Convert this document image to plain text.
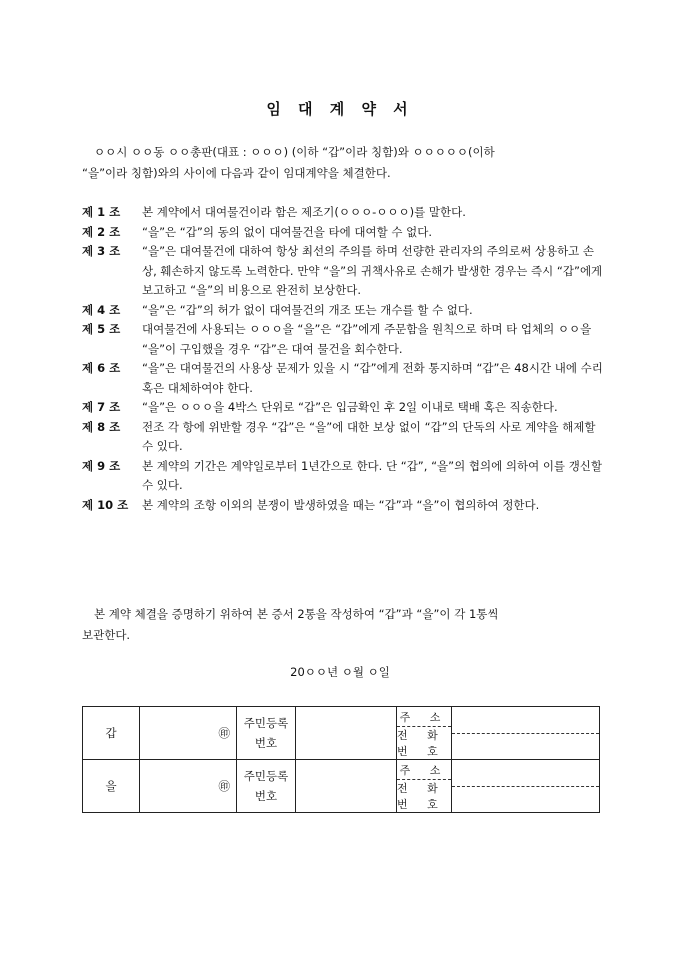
임 대 계 약 서
ㅇㅇ시 ㅇㅇ동 ㅇㅇ총판(대표 : ㅇㅇㅇ) (이하 “갑”이라 칭함)와 ㅇㅇㅇㅇㅇ(이하
“을”이라 칭함)와의 사이에 다음과 같이 임대계약을 체결한다.
제 1 조	본 계약에서 대여물건이라 함은 제조기(ㅇㅇㅇ-ㅇㅇㅇ)를 말한다.
제 2 조	“을”은 “갑”의 동의 없이 대여물건을 타에 대여할 수 없다.
제 3 조	“을”은 대여물건에 대하여 항상 최선의 주의를 하며 선량한 관리자의 주의로써 상용하고 손상, 훼손하지 않도록 노력한다. 만약 “을”의 귀책사유로 손해가 발생한 경우는 즉시 “갑”에게 보고하고 “을”의 비용으로 완전히 보상한다.
제 4 조	“을”은 “갑”의 허가 없이 대여물건의 개조 또는 개수를 할 수 없다.
제 5 조	대여물건에 사용되는 ㅇㅇㅇ을 “을”은 “갑”에게 주문함을 원칙으로 하며 타 업체의 ㅇㅇ을 “을”이 구입했을 경우 “갑”은 대여 물건을 회수한다.
제 6 조	“을”은 대여물건의 사용상 문제가 있을 시 “갑”에게 전화 통지하며 “갑”은 48시간 내에 수리 혹은 대체하여야 한다.
제 7 조	“을”은 ㅇㅇㅇ을 4박스 단위로 “갑”은 입금확인 후 2일 이내로 택배 혹은 직송한다.
제 8 조	전조 각 항에 위반할 경우 “갑”은 “을”에 대한 보상 없이 “갑”의 단독의 사로 계약을 해제할 수 있다.
제 9 조	본 계약의 기간은 계약일로부터 1년간으로 한다. 단 “갑”, “을”의 협의에 의하여 이를 갱신할 수 있다.
제 10 조	본 계약의 조항 이외의 분쟁이 발생하였을 때는 “갑”과 “을”이 협의하여 정한다.
본 계약 체결을 증명하기 위하여 본 증서 2통을 작성하여 “갑”과 “을”이 각 1통씩
보관한다.
20ㅇㅇ년 ㅇ월 ㅇ일
갑	㊞	주민등록번호		주 소
전 화 번 호	

을	㊞	주민등록번호		주 소
전 화 번 호	
